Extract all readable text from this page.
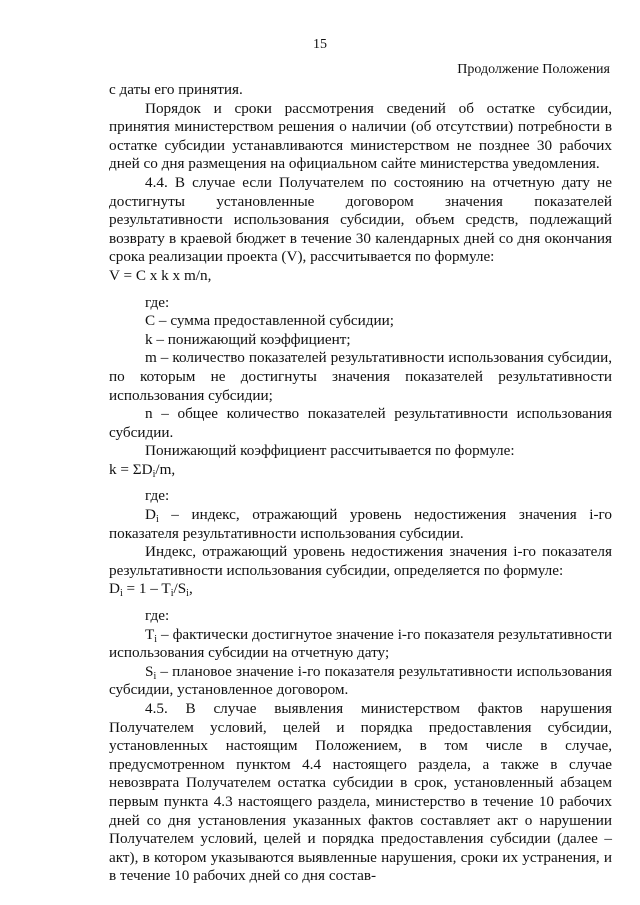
15
Продолжение Положения

с даты его принятия.

Порядок и сроки рассмотрения сведений об остатке субсидии, принятия министерством решения о наличии (об отсутствии) потребности в остатке субсидии устанавливаются министерством не позднее 30 рабочих дней со дня размещения на официальном сайте министерства уведомления.

4.4. В случае если Получателем по состоянию на отчетную дату не достигнуты установленные договором значения показателей результативности использования субсидии, объем средств, подлежащий возврату в краевой бюджет в течение 30 календарных дней со дня окончания срока реализации проекта (V), рассчитывается по формуле:

V = C x k x m/n,

где:

C – сумма предоставленной субсидии;

k – понижающий коэффициент;

m – количество показателей результативности использования субсидии, по которым не достигнуты значения показателей результативности использования субсидии;

n – общее количество показателей результативности использования субсидии.

Понижающий коэффициент рассчитывается по формуле:

$k = \Sigma D_i/m$,

где:

$D_i$ – индекс, отражающий уровень недостижения значения i-го показателя результативности использования субсидии.

Индекс, отражающий уровень недостижения значения i-го показателя результативности использования субсидии, определяется по формуле:

$D_i = 1 - T_i/S_i$,

где:

$T_i$ – фактически достигнутое значение i-го показателя результативности использования субсидии на отчетную дату;

$S_i$ – плановое значение i-го показателя результативности использования субсидии, установленное договором.

4.5. В случае выявления министерством фактов нарушения Получателем условий, целей и порядка предоставления субсидии, установленных настоящим Положением, в том числе в случае, предусмотренном пунктом 4.4 настоящего раздела, а также в случае невозврата Получателем остатка субсидии в срок, установленный абзацем первым пункта 4.3 настоящего раздела, министерство в течение 10 рабочих дней со дня установления указанных фактов составляет акт о нарушении Получателем условий, целей и порядка предоставления субсидии (далее – акт), в котором указываются выявленные нарушения, сроки их устранения, и в течение 10 рабочих дней со дня состав-
